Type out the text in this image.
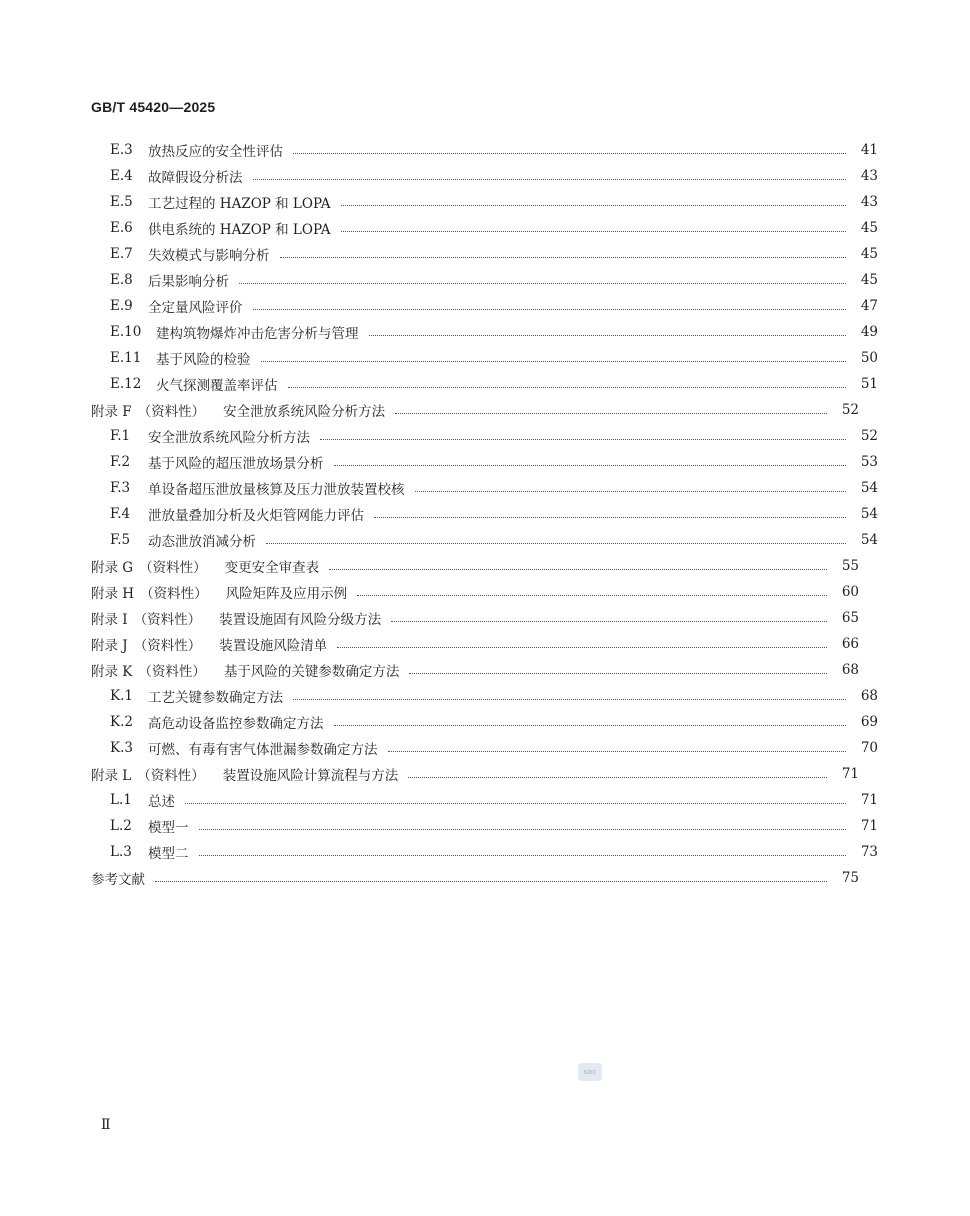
GB/T 45420—2025
E.3	放热反应的安全性评估	41
E.4	故障假设分析法	43
E.5	工艺过程的 HAZOP 和 LOPA	43
E.6	供电系统的 HAZOP 和 LOPA	45
E.7	失效模式与影响分析	45
E.8	后果影响分析	45
E.9	全定量风险评价	47
E.10	建构筑物爆炸冲击危害分析与管理	49
E.11	基于风险的检验	50
E.12	火气探测覆盖率评估	51
附录 F （资料性） 安全泄放系统风险分析方法	52
F.1	安全泄放系统风险分析方法	52
F.2	基于风险的超压泄放场景分析	53
F.3	单设备超压泄放量核算及压力泄放装置校核	54
F.4	泄放量叠加分析及火炬管网能力评估	54
F.5	动态泄放消减分析	54
附录 G （资料性） 变更安全审查表	55
附录 H （资料性） 风险矩阵及应用示例	60
附录 I （资料性） 装置设施固有风险分级方法	65
附录 J （资料性） 装置设施风险清单	66
附录 K （资料性） 基于风险的关键参数确定方法	68
K.1	工艺关键参数确定方法	68
K.2	高危动设备监控参数确定方法	69
K.3	可燃、有毒有害气体泄漏参数确定方法	70
附录 L （资料性） 装置设施风险计算流程与方法	71
L.1	总述	71
L.2	模型一	71
L.3	模型二	73
参考文献	75
sac
Ⅱ
